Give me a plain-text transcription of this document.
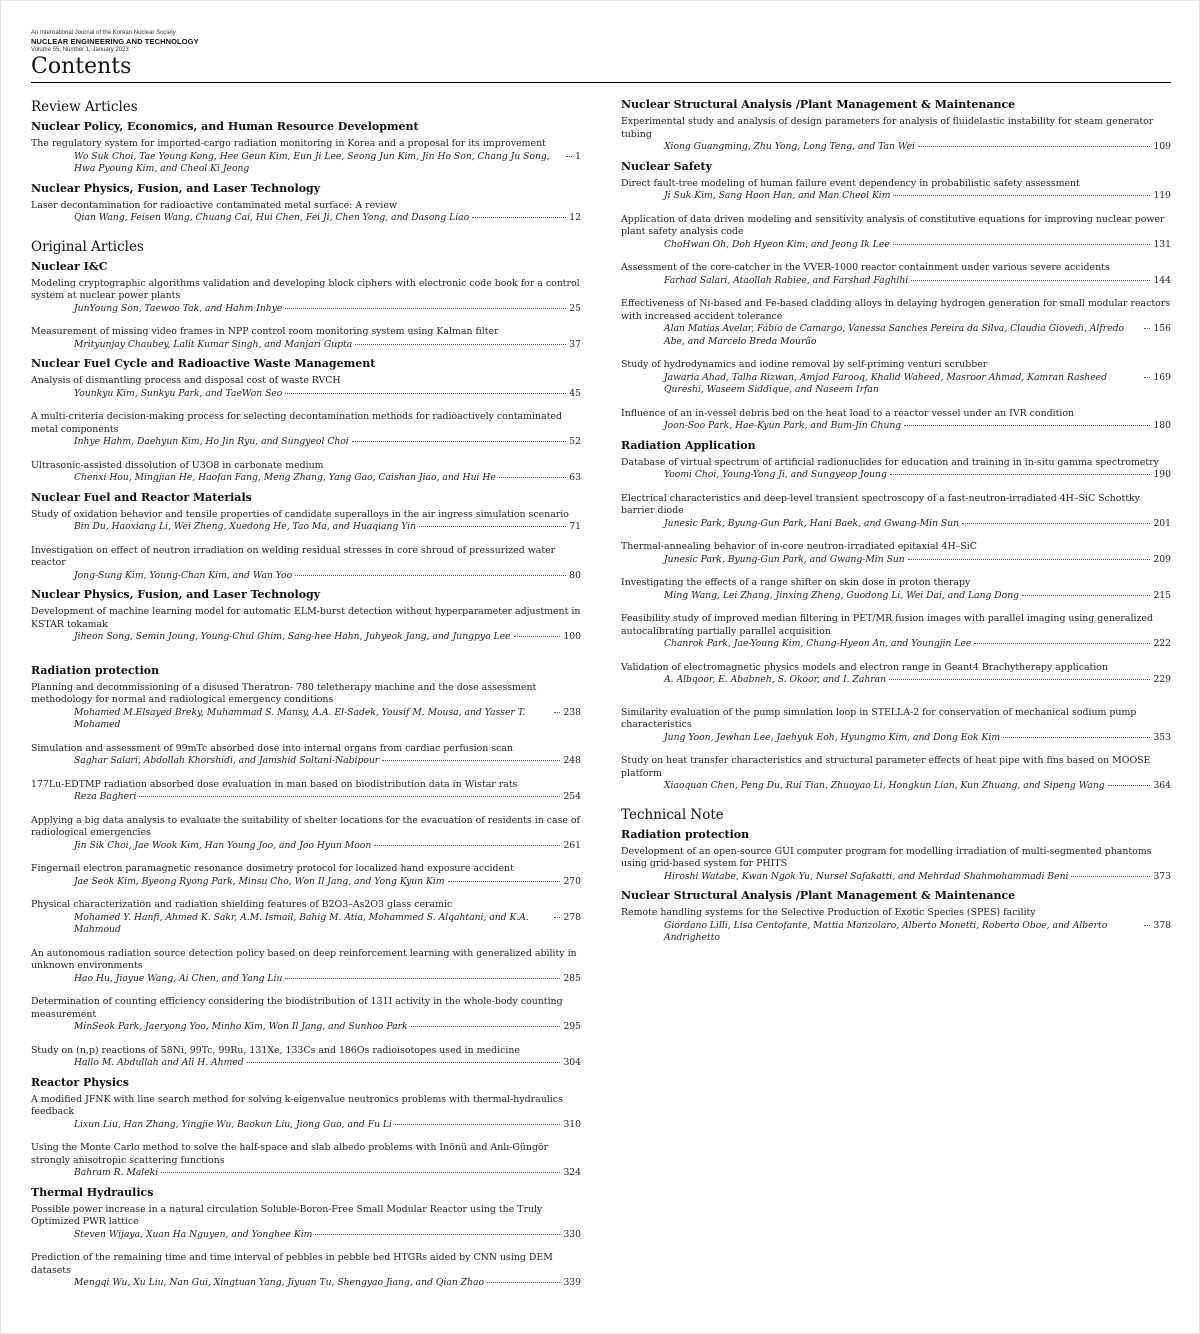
An International Journal of the Korean Nuclear Society
NUCLEAR ENGINEERING AND TECHNOLOGY
Volume 55, Number 1, January 2023
Contents
Review Articles
Nuclear Policy, Economics, and Human Resource Development
The regulatory system for imported-cargo radiation monitoring in Korea and a proposal for its improvement
Wo Suk Choi, Tae Young Kong, Hee Geun Kim, Eun Ji Lee, Seong Jun Kim, Jin Ho Son, Chang Ju Song, Hwa Pyoung Kim, and Cheol Ki Jeong
1
Nuclear Physics, Fusion, and Laser Technology
Laser decontamination for radioactive contaminated metal surface: A review
Qian Wang, Feisen Wang, Chuang Cai, Hui Chen, Fei Ji, Chen Yong, and Dasong Liao	12
Original Articles
Nuclear I&C
Modeling cryptographic algorithms validation and developing block ciphers with electronic code book for a control system at nuclear power plants
JunYoung Son, Taewoo Tak, and Hahm Inhye	25
Measurement of missing video frames in NPP control room monitoring system using Kalman filter
Mrityunjay Chaubey, Lalit Kumar Singh, and Manjari Gupta	37
Nuclear Fuel Cycle and Radioactive Waste Management
Analysis of dismantling process and disposal cost of waste RVCH
Younkyu Kim, Sunkyu Park, and TaeWon Seo	45
A multi-criteria decision-making process for selecting decontamination methods for radioactively contaminated metal components
Inhye Hahm, Daehyun Kim, Ho Jin Ryu, and Sungyeol Choi	52
Ultrasonic-assisted dissolution of U3O8 in carbonate medium
Chenxi Hou, Mingjian He, Haofan Fang, Meng Zhang, Yang Gao, Caishan Jiao, and Hui He	63
Nuclear Fuel and Reactor Materials
Study of oxidation behavior and tensile properties of candidate superalloys in the air ingress simulation scenario
Bin Du, Haoxiang Li, Wei Zheng, Xuedong He, Tao Ma, and Huaqiang Yin	71
Investigation on effect of neutron irradiation on welding residual stresses in core shroud of pressurized water reactor
Jong-Sung Kim, Young-Chan Kim, and Wan Yoo	80
Nuclear Physics, Fusion, and Laser Technology
Development of machine learning model for automatic ELM-burst detection without hyperparameter adjustment in KSTAR tokamak
Jiheon Song, Semin Joung, Young-Chul Ghim, Sang-hee Hahn, Juhyeok Jang, and Jungpyo Lee	100
Radiation protection
Planning and decommissioning of a disused Theratron- 780 teletherapy machine and the dose assessment methodology for normal and radiological emergency conditions
Mohamed M.Elsayed Breky, Muhammad S. Mansy, A.A. El-Sadek, Yousif M. Mousa, and Yasser T. Mohamed
238
Simulation and assessment of 99mTc absorbed dose into internal organs from cardiac perfusion scan
Saghar Salari, Abdollah Khorshidi, and Jamshid Soltani-Nabipour	248
177Lu-EDTMP radiation absorbed dose evaluation in man based on biodistribution data in Wistar rats
Reza Bagheri	254
Applying a big data analysis to evaluate the suitability of shelter locations for the evacuation of residents in case of radiological emergencies
Jin Sik Choi, Jae Wook Kim, Han Young Joo, and Joo Hyun Moon	261
Fingernail electron paramagnetic resonance dosimetry protocol for localized hand exposure accident
Jae Seok Kim, Byeong Ryong Park, Minsu Cho, Won Il Jang, and Yong Kyun Kim	270
Physical characterization and radiation shielding features of B2O3–As2O3 glass ceramic
Mohamed Y. Hanfi, Ahmed K. Sakr, A.M. Ismail, Bahig M. Atia, Mohammed S. Alqahtani, and K.A. Mahmoud
278
An autonomous radiation source detection policy based on deep reinforcement learning with generalized ability in unknown environments
Hao Hu, Jiayue Wang, Ai Chen, and Yang Liu	285
Determination of counting efficiency considering the biodistribution of 131I activity in the whole-body counting measurement
MinSeok Park, Jaeryong Yoo, Minho Kim, Won Il Jang, and Sunhoo Park	295
Study on (n,p) reactions of 58Ni, 99Tc, 99Ru, 131Xe, 133Cs and 186Os radioisotopes used in medicine
Hallo M. Abdullah and Ali H. Ahmed	304
Reactor Physics
A modified JFNK with line search method for solving k-eigenvalue neutronics problems with thermal-hydraulics feedback
Lixun Liu, Han Zhang, Yingjie Wu, Baokun Liu, Jiong Guo, and Fu Li	310
Using the Monte Carlo method to solve the half-space and slab albedo problems with Inönü and Anlı-Güngör strongly anisotropic scattering functions
Bahram R. Maleki	324
Thermal Hydraulics
Possible power increase in a natural circulation Soluble-Boron-Free Small Modular Reactor using the Truly Optimized PWR lattice
Steven Wijaya, Xuan Ha Nguyen, and Yonghee Kim	330
Prediction of the remaining time and time interval of pebbles in pebble bed HTGRs aided by CNN using DEM datasets
Mengqi Wu, Xu Liu, Nan Gui, Xingtuan Yang, Jiyuan Tu, Shengyao Jiang, and Qian Zhao	339
Nuclear Structural Analysis /Plant Management & Maintenance
Experimental study and analysis of design parameters for analysis of fluidelastic instability for steam generator tubing
Xiong Guangming, Zhu Yong, Long Teng, and Tan Wei	109
Nuclear Safety
Direct fault-tree modeling of human failure event dependency in probabilistic safety assessment
Ji Suk Kim, Sang Hoon Han, and Man Cheol Kim	119
Application of data driven modeling and sensitivity analysis of constitutive equations for improving nuclear power plant safety analysis code
ChoHwan Oh, Doh Hyeon Kim, and Jeong Ik Lee	131
Assessment of the core-catcher in the VVER-1000 reactor containment under various severe accidents
Farhad Salari, Ataollah Rabiee, and Farshad Faghihi	144
Effectiveness of Ni-based and Fe-based cladding alloys in delaying hydrogen generation for small modular reactors with increased accident tolerance
Alan Matias Avelar, Fábio de Camargo, Vanessa Sanches Pereira da Silva, Claudia Giovedi, Alfredo Abe, and Marcelo Breda Mourão
156
Study of hydrodynamics and iodine removal by self-priming venturi scrubber
Jawaria Ahad, Talha Rizwan, Amjad Farooq, Khalid Waheed, Masroor Ahmad, Kamran Rasheed Qureshi, Waseem Siddique, and Naseem Irfan
169
Influence of an in-vessel debris bed on the heat load to a reactor vessel under an IVR condition
Joon-Soo Park, Hae-Kyun Park, and Bum-Jin Chung	180
Radiation Application
Database of virtual spectrum of artificial radionuclides for education and training in in-situ gamma spectrometry
Yoomi Choi, Young-Yong Ji, and Sungyeop Joung	190
Electrical characteristics and deep-level transient spectroscopy of a fast-neutron-irradiated 4H–SiC Schottky barrier diode
Junesic Park, Byung-Gun Park, Hani Baek, and Gwang-Min Sun	201
Thermal-annealing behavior of in-core neutron-irradiated epitaxial 4H–SiC
Junesic Park, Byung-Gun Park, and Gwang-Min Sun	209
Investigating the effects of a range shifter on skin dose in proton therapy
Ming Wang, Lei Zhang, Jinxing Zheng, Guodong Li, Wei Dai, and Lang Dong	215
Feasibility study of improved median filtering in PET/MR fusion images with parallel imaging using generalized autocalibrating partially parallel acquisition
Chanrok Park, Jae-Young Kim, Chang-Hyeon An, and Youngjin Lee	222
Validation of electromagnetic physics models and electron range in Geant4 Brachytherapy application
A. Albqoor, E. Ababneh, S. Okoor, and I. Zahran	229
Similarity evaluation of the pump simulation loop in STELLA-2 for conservation of mechanical sodium pump characteristics
Jung Yoon, Jewhan Lee, Jaehyuk Eoh, Hyungmo Kim, and Dong Eok Kim	353
Study on heat transfer characteristics and structural parameter effects of heat pipe with fins based on MOOSE platform
Xiaoquan Chen, Peng Du, Rui Tian, Zhuoyao Li, Hongkun Lian, Kun Zhuang, and Sipeng Wang	364
Technical Note
Radiation protection
Development of an open-source GUI computer program for modelling irradiation of multi-segmented phantoms using grid-based system for PHITS
Hiroshi Watabe, Kwan Ngok Yu, Nursel Safakatti, and Mehrdad Shahmohammadi Beni	373
Nuclear Structural Analysis /Plant Management & Maintenance
Remote handling systems for the Selective Production of Exotic Species (SPES) facility
Giordano Lilli, Lisa Centofante, Mattia Manzolaro, Alberto Monetti, Roberto Oboe, and Alberto Andrighetto
378
